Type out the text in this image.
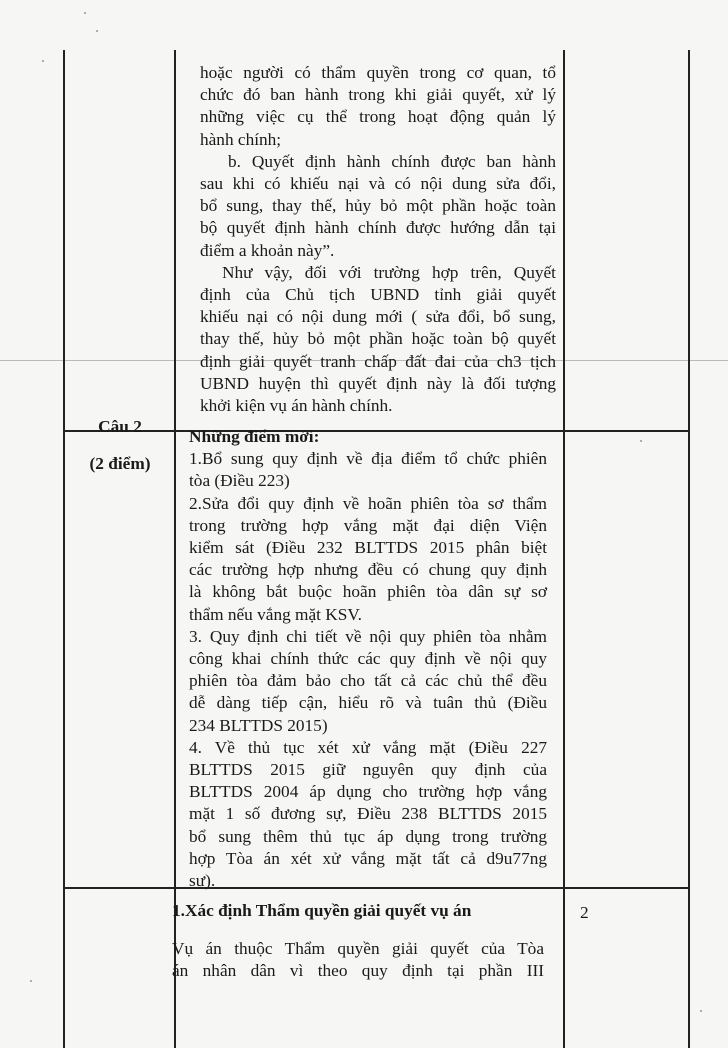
hoặc người có thẩm quyền trong cơ quan, tổ
chức đó ban hành trong khi giải quyết, xử lý
những việc cụ thể trong hoạt động quản lý
hành chính;
b. Quyết định hành chính được ban hành
sau khi có khiếu nại và có nội dung sửa đổi,
bổ sung, thay thế, hủy bỏ một phần hoặc toàn
bộ quyết định hành chính được hướng dẫn tại
điểm a khoản này”.
Như vậy, đối với trường hợp trên, Quyết
định của Chủ tịch UBND tỉnh giải quyết
khiếu nại có nội dung mới ( sửa đổi, bổ sung,
thay thế, hủy bỏ một phần hoặc toàn bộ quyết
định giải quyết tranh chấp đất đai của ch3 tịch
UBND huyện thì quyết định này là đối tượng
khởi kiện vụ án hành chính.
Câu 2
(2 điểm)
Những điểm mới:
1.Bổ sung quy định về địa điểm tổ chức phiên
tòa (Điều 223)
2.Sửa đổi quy định về hoãn phiên tòa sơ thẩm
trong trường hợp vắng mặt đại diện Viện
kiểm sát (Điều 232 BLTTDS 2015 phân biệt
các trường hợp nhưng đều có chung quy định
là không bắt buộc hoãn phiên tòa dân sự sơ
thẩm nếu vắng mặt KSV.
3. Quy định chi tiết về nội quy phiên tòa nhằm
công khai chính thức các quy định về nội quy
phiên tòa đảm bảo cho tất cả các chủ thể đều
dễ dàng tiếp cận, hiểu rõ và tuân thủ (Điều
234 BLTTDS 2015)
4. Về thủ tục xét xử vắng mặt (Điều 227
BLTTDS 2015 giữ nguyên quy định của
BLTTDS 2004 áp dụng cho trường hợp vắng
mặt 1 số đương sự, Điều 238 BLTTDS 2015
bổ sung thêm thủ tục áp dụng trong trường
hợp Tòa án xét xử vắng mặt tất cả d9u77ng
sự).
1.Xác định Thẩm quyền giải quyết vụ án
Vụ án thuộc Thẩm quyền giải quyết của Tòa
án nhân dân vì theo quy định tại phần III
2
